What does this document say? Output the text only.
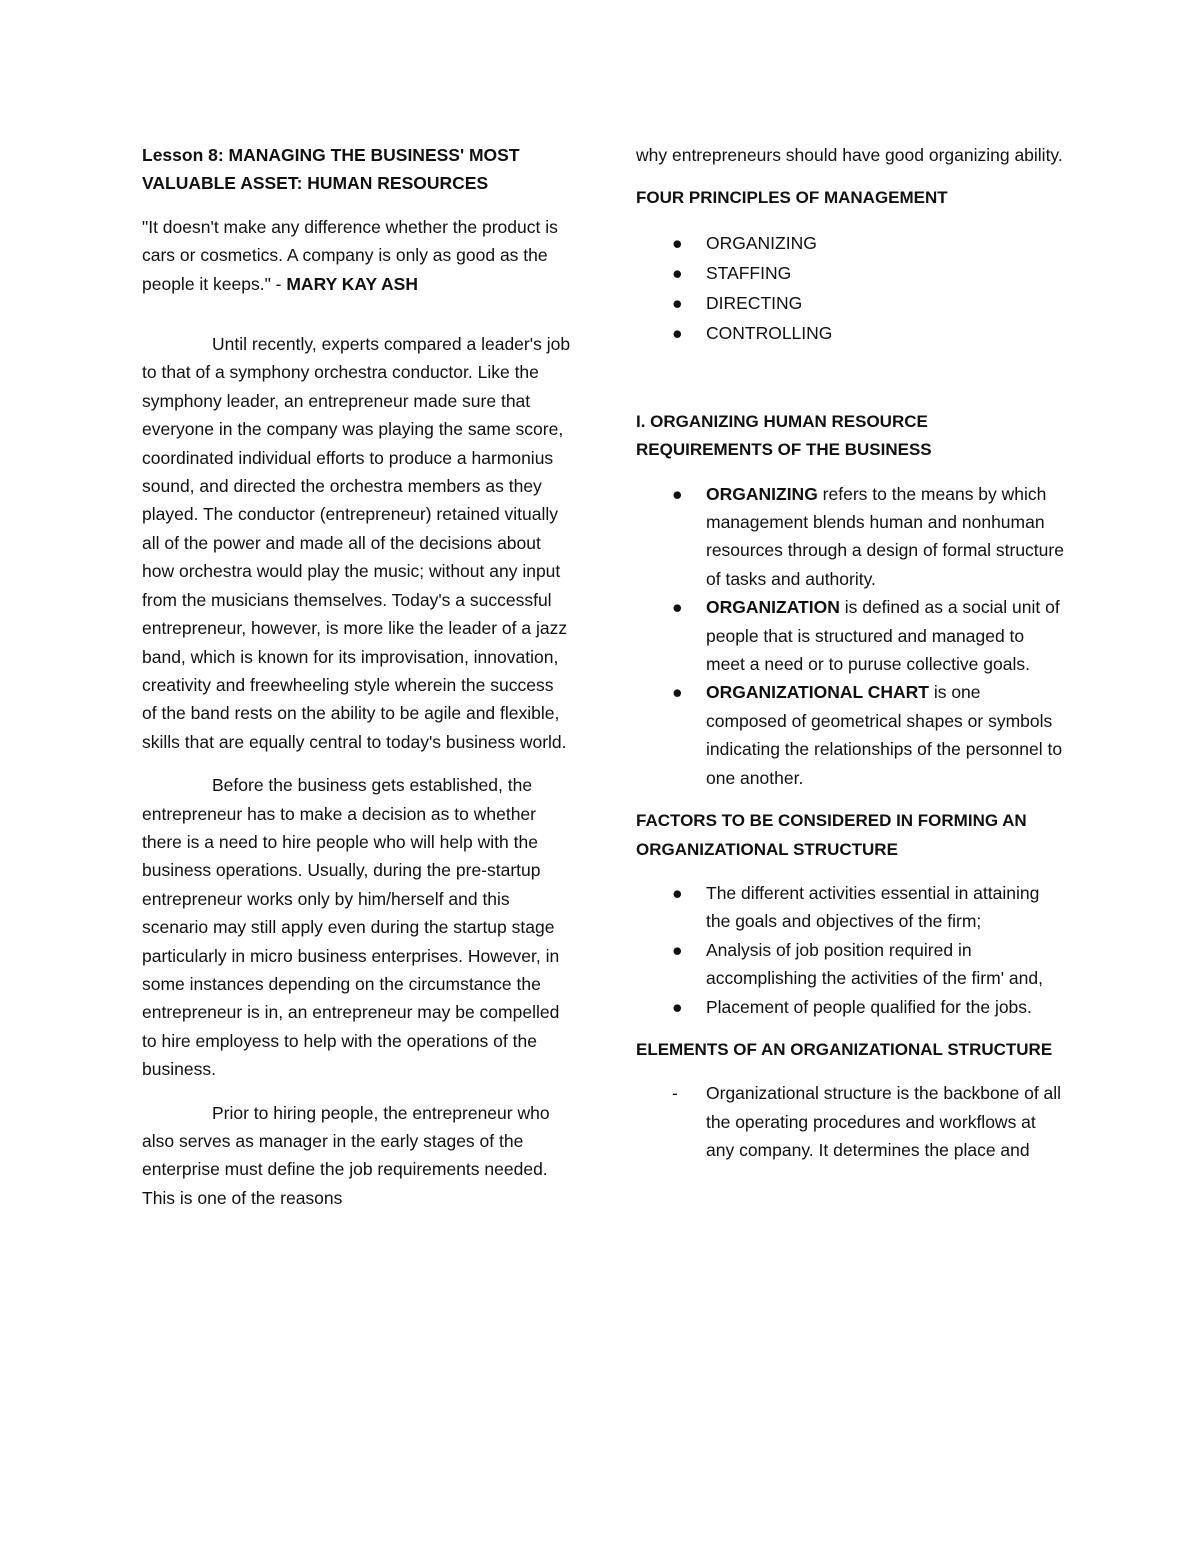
Lesson 8: MANAGING THE BUSINESS' MOST VALUABLE ASSET: HUMAN RESOURCES

"It doesn't make any difference whether the product is cars or cosmetics. A company is only as good as the people it keeps." - MARY KAY ASH

Until recently, experts compared a leader's job to that of a symphony orchestra conductor. Like the symphony leader, an entrepreneur made sure that everyone in the company was playing the same score, coordinated individual efforts to produce a harmonius sound, and directed the orchestra members as they played. The conductor (entrepreneur) retained vitually all of the power and made all of the decisions about how orchestra would play the music; without any input from the musicians themselves. Today's a successful entrepreneur, however, is more like the leader of a jazz band, which is known for its improvisation, innovation, creativity and freewheeling style wherein the success of the band rests on the ability to be agile and flexible, skills that are equally central to today's business world.

Before the business gets established, the entrepreneur has to make a decision as to whether there is a need to hire people who will help with the business operations. Usually, during the pre-startup entrepreneur works only by him/herself and this scenario may still apply even during the startup stage particularly in micro business enterprises. However, in some instances depending on the circumstance the entrepreneur is in, an entrepreneur may be compelled to hire employess to help with the operations of the business.

Prior to hiring people, the entrepreneur who also serves as manager in the early stages of the enterprise must define the job requirements needed. This is one of the reasons

why entrepreneurs should have good organizing ability.

FOUR PRINCIPLES OF MANAGEMENT
● ORGANIZING
● STAFFING
● DIRECTING
● CONTROLLING
I. ORGANIZING HUMAN RESOURCE REQUIREMENTS OF THE BUSINESS
● ORGANIZING refers to the means by which management blends human and nonhuman resources through a design of formal structure of tasks and authority.
● ORGANIZATION is defined as a social unit of people that is structured and managed to meet a need or to puruse collective goals.
● ORGANIZATIONAL CHART is one composed of geometrical shapes or symbols indicating the relationships of the personnel to one another.
FACTORS TO BE CONSIDERED IN FORMING AN ORGANIZATIONAL STRUCTURE
● The different activities essential in attaining the goals and objectives of the firm;
● Analysis of job position required in accomplishing the activities of the firm' and,
● Placement of people qualified for the jobs.
ELEMENTS OF AN ORGANIZATIONAL STRUCTURE
- Organizational structure is the backbone of all the operating procedures and workflows at any company. It determines the place and
